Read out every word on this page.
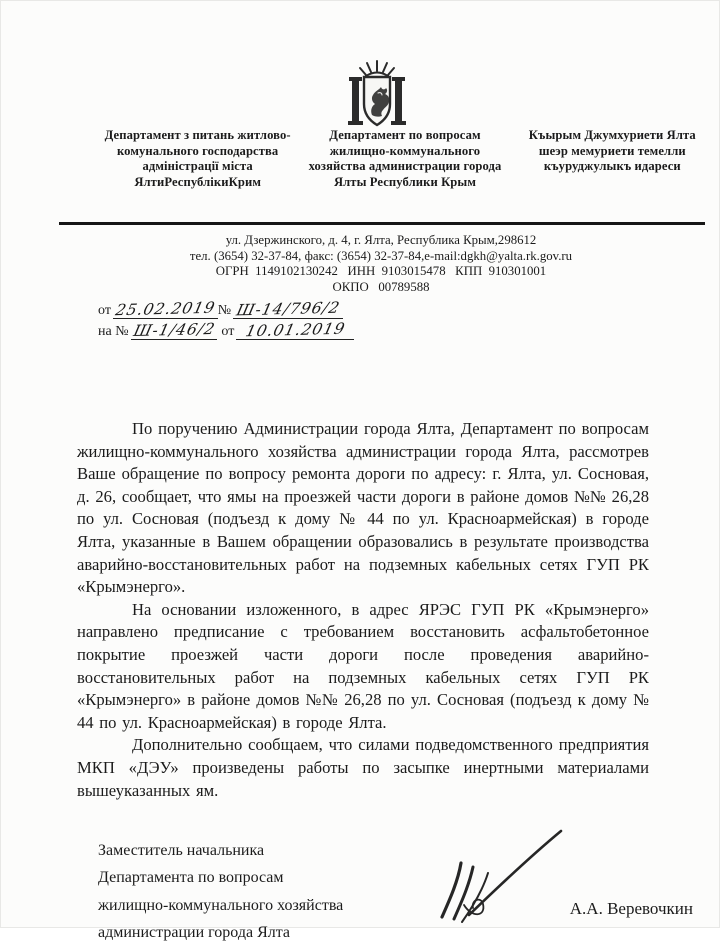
Департамент з питань житлово-комунального господарства адміністрації міста ЯлтиРеспублікиКрим
Департамент по вопросам жилищно-коммунального хозяйства администрации города Ялты Республики Крым
Къырым Джумхуриети Ялта шеэр мемуриети темелли къуруджулыкъ идареси
ул. Дзержинского, д. 4, г. Ялта, Республика Крым,298612
тел. (3654) 32-37-84, факс: (3654) 32-37-84,e-mail:dgkh@yalta.rk.gov.ru
ОГРН  1149102130242   ИНН  9103015478   КПП  910301001
ОКПО   00789588
от 25.02.2019 № Ш-14/796/2
на № Ш-1/46/2 от 10.01.2019

По поручению Администрации города Ялта, Департамент по вопросам жилищно-коммунального хозяйства администрации города Ялта, рассмотрев Ваше обращение по вопросу ремонта дороги по адресу: г. Ялта, ул. Сосновая, д. 26, сообщает, что ямы на проезжей части дороги в районе домов №№ 26,28 по ул. Сосновая (подъезд к дому № 44 по ул. Красноармейская) в городе Ялта, указанные в Вашем обращении образовались в результате производства аварийно-восстановительных работ на подземных кабельных сетях ГУП РК «Крымэнерго».

На основании изложенного, в адрес ЯРЭС ГУП РК «Крымэнерго» направлено предписание с требованием восстановить асфальтобетонное покрытие проезжей части дороги после проведения аварийно-восстановительных работ на подземных кабельных сетях ГУП РК «Крымэнерго» в районе домов №№ 26,28 по ул. Сосновая (подъезд к дому № 44 по ул. Красноармейская) в городе Ялта.

Дополнительно сообщаем, что силами подведомственного предприятия МКП «ДЭУ» произведены работы по засыпке инертными материалами вышеуказанных ям.

Заместитель начальника
Департамента по вопросам
жилищно-коммунального хозяйства
администрации города Ялта
А.А. Веревочкин
